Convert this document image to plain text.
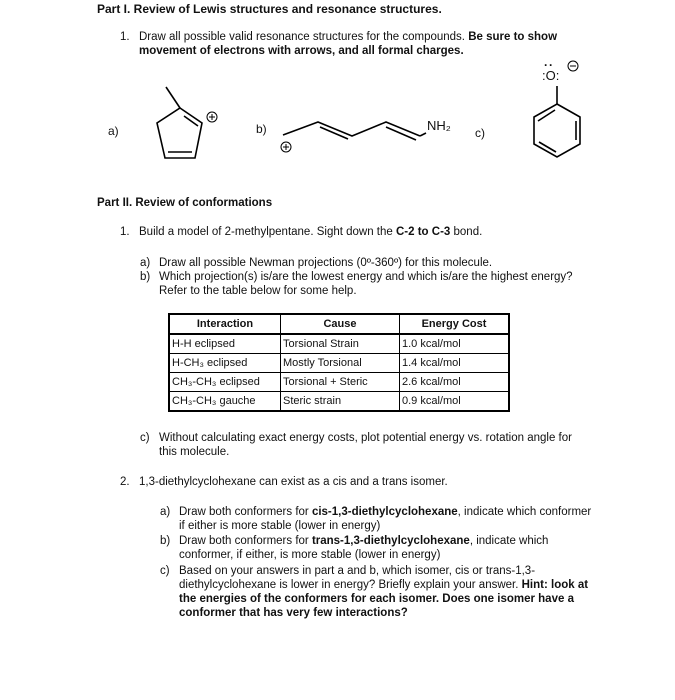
Part I. Review of Lewis structures and resonance structures.
1. Draw all possible valid resonance structures for the compounds. Be sure to show
movement of electrons with arrows, and all formal charges.
a)	b)	c)
NH₂
··
:O:
Part II. Review of conformations
1. Build a model of 2-methylpentane. Sight down the C-2 to C-3 bond.
a) Draw all possible Newman projections (0º-360º) for this molecule.
b) Which projection(s) is/are the lowest energy and which is/are the highest energy?
Refer to the table below for some help.
Interaction	Cause	Energy Cost
H-H eclipsed	Torsional Strain	1.0 kcal/mol
H-CH₃ eclipsed	Mostly Torsional	1.4 kcal/mol
CH₃-CH₃ eclipsed	Torsional + Steric	2.6 kcal/mol
CH₃-CH₃ gauche	Steric strain	0.9 kcal/mol
c) Without calculating exact energy costs, plot potential energy vs. rotation angle for
this molecule.
2. 1,3-diethylcyclohexane can exist as a cis and a trans isomer.
a) Draw both conformers for cis-1,3-diethylcyclohexane, indicate which conformer
if either is more stable (lower in energy)
b) Draw both conformers for trans-1,3-diethylcyclohexane, indicate which
conformer, if either, is more stable (lower in energy)
c) Based on your answers in part a and b, which isomer, cis or trans-1,3-
diethylcyclohexane is lower in energy? Briefly explain your answer. Hint: look at
the energies of the conformers for each isomer. Does one isomer have a
conformer that has very few interactions?
